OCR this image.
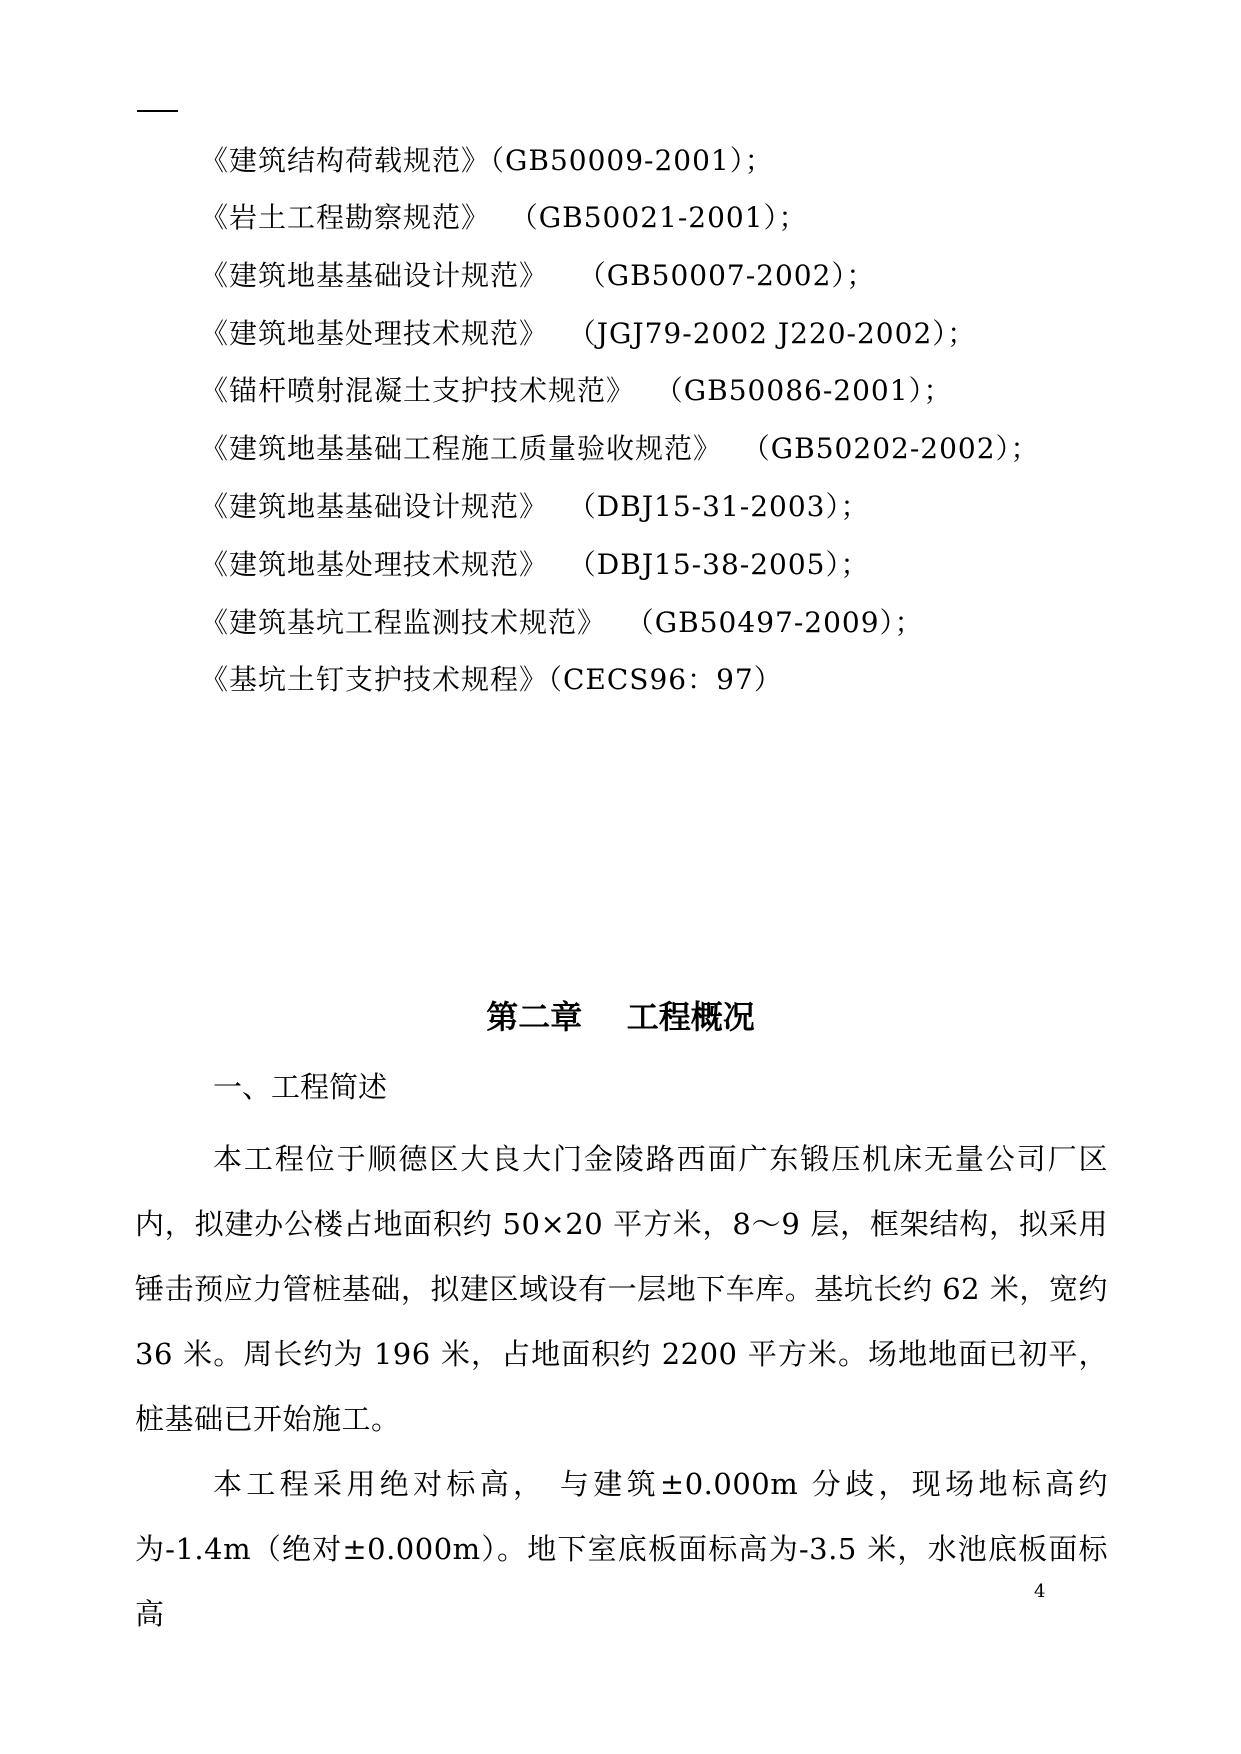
《建筑结构荷载规范》（GB50009-2001）；
《岩土工程勘察规范》  （GB50021-2001）；
《建筑地基基础设计规范》   （GB50007-2002）；
《建筑地基处理技术规范》  （JGJ79-2002 J220-2002）；
《锚杆喷射混凝土支护技术规范》  （GB50086-2001）；
《建筑地基基础工程施工质量验收规范》  （GB50202-2002）；
《建筑地基基础设计规范》  （DBJ15-31-2003）；
《建筑地基处理技术规范》  （DBJ15-38-2005）；
《建筑基坑工程监测技术规范》  （GB50497-2009）；
《基坑土钉支护技术规程》（CECS96：97）
第二章    工程概况
一、工程简述

本工程位于顺德区大良大门金陵路西面广东锻压机床无量公司厂区内，拟建办公楼占地面积约 50×20 平方米，8～9 层，框架结构，拟采用锤击预应力管桩基础，拟建区域设有一层地下车库。基坑长约 62 米，宽约 36 米。周长约为 196 米，占地面积约 2200 平方米。场地地面已初平，桩基础已开始施工。

本工程采用绝对标高， 与建筑±0.000m 分歧，现场地标高约为-1.4m（绝对±0.000m）。地下室底板面标高为-3.5 米，水池底板面标高

4
